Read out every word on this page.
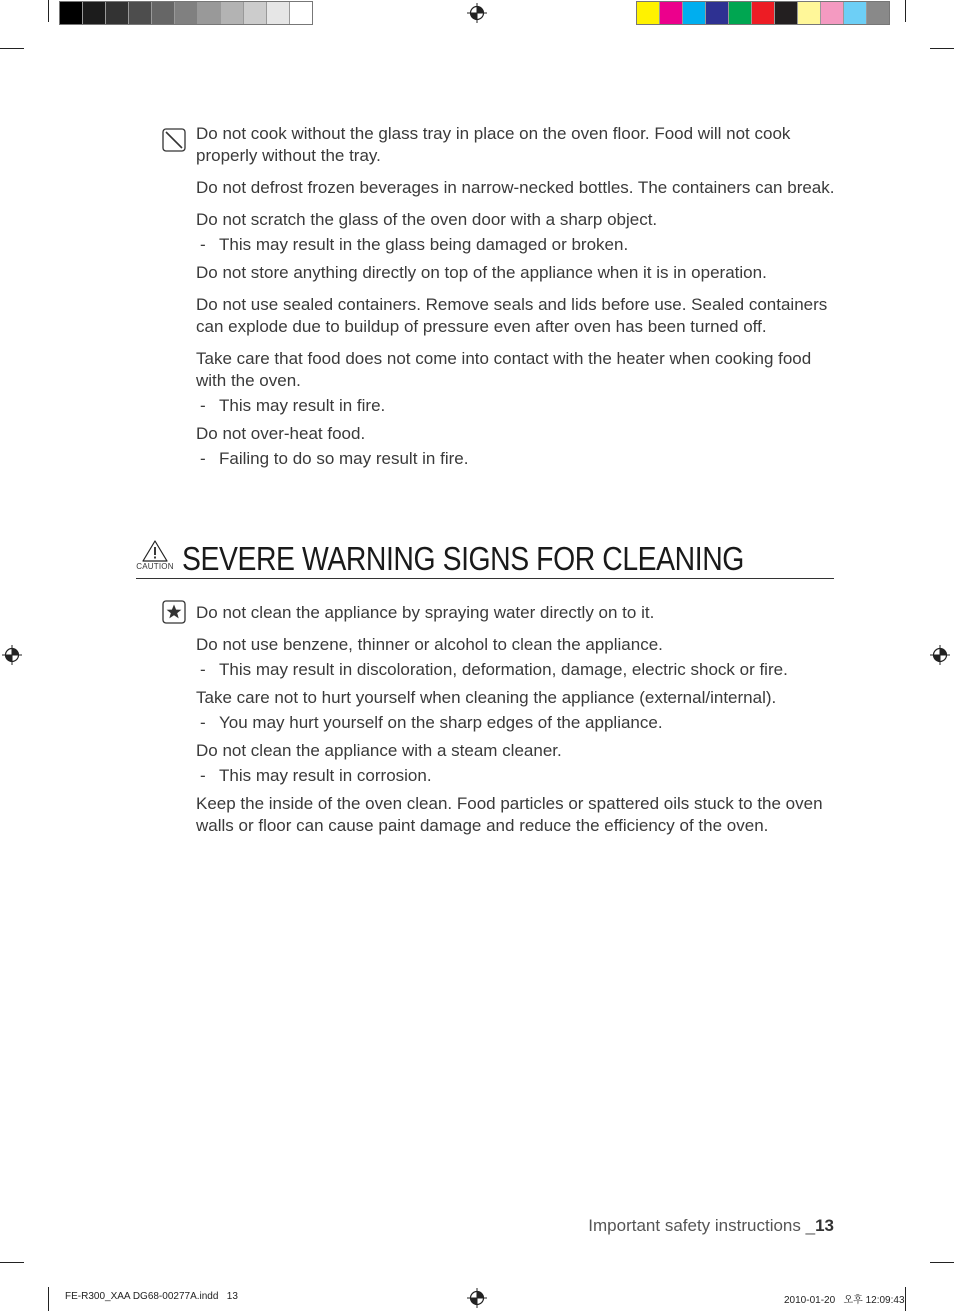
Do not cook without the glass tray in place on the oven floor. Food will not cook properly without the tray.

Do not defrost frozen beverages in narrow-necked bottles. The containers can break.

Do not scratch the glass of the oven door with a sharp object.

- This may result in the glass being damaged or broken.

Do not store anything directly on top of the appliance when it is in operation.

Do not use sealed containers. Remove seals and lids before use. Sealed containers can explode due to buildup of pressure even after oven has been turned off.

Take care that food does not come into contact with the heater when cooking food with the oven.

- This may result in fire.

Do not over-heat food.

- Failing to do so may result in fire.

CAUTION SEVERE WARNING SIGNS FOR CLEANING

Do not clean the appliance by spraying water directly on to it.

Do not use benzene, thinner or alcohol to clean the appliance.

- This may result in discoloration, deformation, damage, electric shock or fire.

Take care not to hurt yourself when cleaning the appliance (external/internal).

- You may hurt yourself on the sharp edges of the appliance.

Do not clean the appliance with a steam cleaner.

- This may result in corrosion.

Keep the inside of the oven clean. Food particles or spattered oils stuck to the oven walls or floor can cause paint damage and reduce the efficiency of the oven.

Important safety instructions _13
FE-R300_XAA DG68-00277A.indd   13	2010-01-20   오후 12:09:43
